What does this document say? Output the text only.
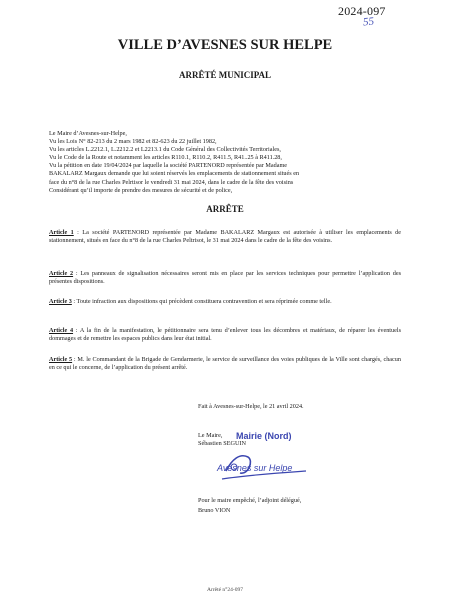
2024-097
55
VILLE D’AVESNES SUR HELPE
ARRÊTÉ MUNICIPAL

Le Maire d’Avesnes-sur-Helpe,

Vu les Lois N° 82-213 du 2 mars 1982 et 82-623 du 22 juillet 1982,

Vu les articles L.2212.1, L.2212.2 et L2213.1 du Code Général des Collectivités Territoriales,

Vu le Code de la Route et notamment les articles R110.1, R110.2, R411.5, R41..25 à R411.28,

Vu la pétition en date 19/04/2024 par laquelle la société PARTENORD représentée par Madame

BAKALARZ Margaux demande que lui soient réservés les emplacements de stationnement situés en

face du n°8 de la rue Charles Pelrtisor le vendredi 31 mai 2024, dans le cadre de la fête des voisins

Considérant qu’il importe de prendre des mesures de sécurité et de police,

ARRÊTE
Article 1 : La société PARTENORD représentée par Madame BAKALARZ Margaux est autorisée à utiliser les emplacements de stationnement, situés en face du n°8 de la rue Charles Peltrisot, le 31 mai 2024 dans le cadre de la fête des voisins.
Article 2 : Les panneaux de signalisation nécessaires seront mis en place par les services techniques pour permettre l’application des présentes dispositions.
Article 3 : Toute infraction aux dispositions qui précèdent constituera contravention et sera réprimée comme telle.
Article 4 : A la fin de la manifestation, le pétitionnaire sera tenu d’enlever tous les décombres et matériaux, de réparer les éventuels dommages et de remettre les espaces publics dans leur état initial.
Article 5 : M. le Commandant de la Brigade de Gendarmerie, le service de surveillance des voies publiques de la Ville sont chargés, chacun en ce qui le concerne, de l’application du présent arrêté.
Fait à Avesnes-sur-Helpe, le 21 avril 2024.
Le Maire,
Sébastien SEGUIN
Mairie (Nord)
Avesnes sur Helpe

Pour le maire empêché, l’adjoint délégué,

Bruno VION

Arrêté n°24-097
